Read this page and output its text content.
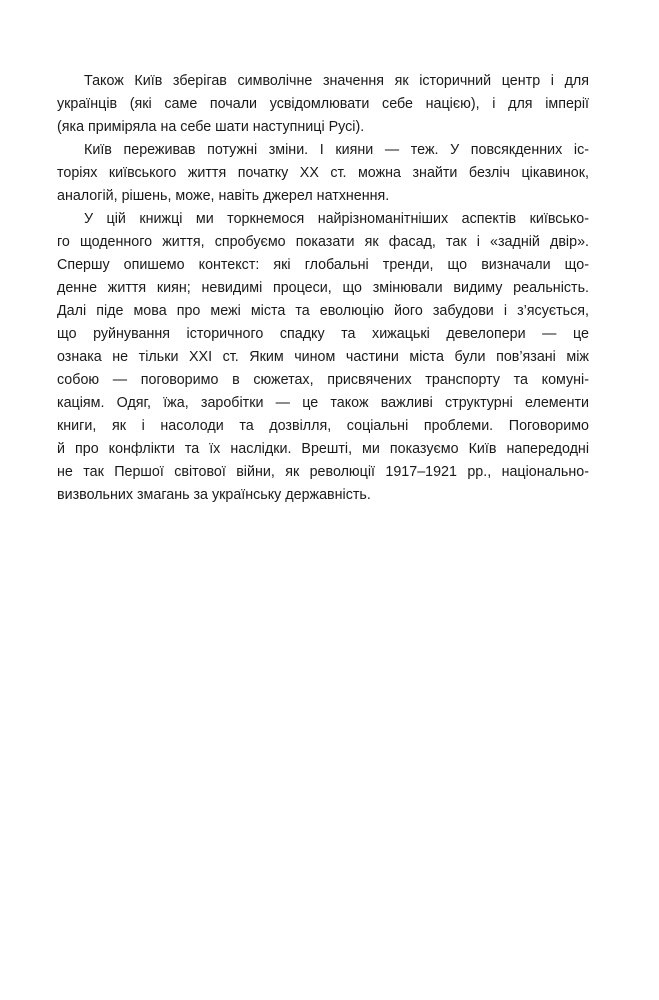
Також Київ зберігав символічне значення як історичний центр і для
українців (які саме почали усвідомлювати себе нацією), і для імперії
(яка приміряла на себе шати наступниці Русі).

Київ переживав потужні зміни. І кияни — теж. У повсякденних іс-
торіях київського життя початку XX ст. можна знайти безліч цікавинок,
аналогій, рішень, може, навіть джерел натхнення.

У цій книжці ми торкнемося найрізноманітніших аспектів київсько-
го щоденного життя, спробуємо показати як фасад, так і «задній двір».
Спершу опишемо контекст: які глобальні тренди, що визначали що-
денне життя киян; невидимі процеси, що змінювали видиму реальність.
Далі піде мова про межі міста та еволюцію його забудови і з’ясується,
що руйнування історичного спадку та хижацькі девелопери — це
ознака не тільки XXI ст. Яким чином частини міста були пов’язані між
собою — поговоримо в сюжетах, присвячених транспорту та комуні-
каціям. Одяг, їжа, заробітки — це також важливі структурні елементи
книги, як і насолоди та дозвілля, соціальні проблеми. Поговоримо
й про конфлікти та їх наслідки. Врешті, ми показуємо Київ напередодні
не так Першої світової війни, як революції 1917–1921 рр., національно-
визвольних змагань за українську державність.
